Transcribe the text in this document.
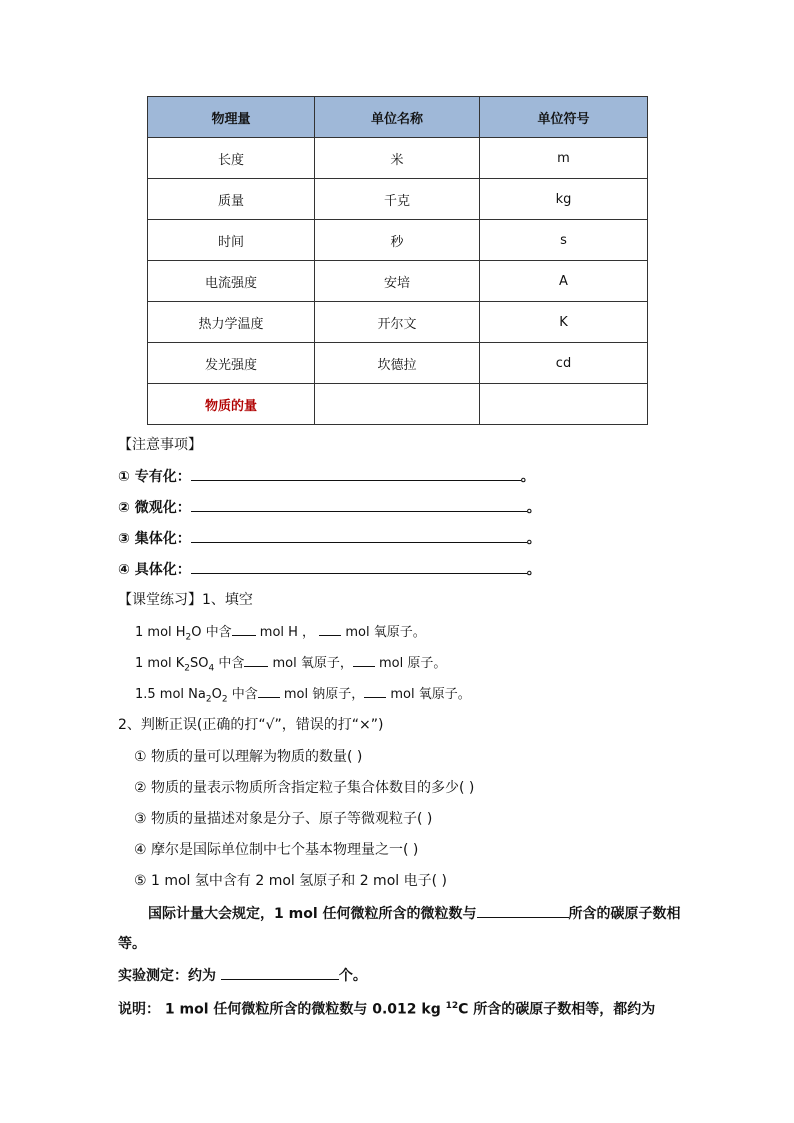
物理量	单位名称	单位符号
长度	米	m
质量	千克	kg
时间	秒	s
电流强度	安培	A
热力学温度	开尔文	K
发光强度	坎德拉	cd
物质的量		
【注意事项】
① 专有化：	。
② 微观化：	。
③ 集体化：	。
④ 具体化：	。
【课堂练习】1、填空
1 mol $H_2O$ 中含 mol H ，  mol 氧原子。
1 mol $K_2SO_4$ 中含 mol 氧原子， mol 原子。
1.5 mol $Na_2O_2$ 中含 mol 钠原子， mol 氧原子。
2、判断正误(正确的打“√”，错误的打“×”)
① 物质的量可以理解为物质的数量( )
② 物质的量表示物质所含指定粒子集合体数目的多少( )
③ 物质的量描述对象是分子、原子等微观粒子( )
④ 摩尔是国际单位制中七个基本物理量之一( )
⑤ 1 mol 氢中含有 2 mol 氢原子和 2 mol 电子( )
国际计量大会规定，1 mol 任何微粒所含的微粒数与	所含的碳原子数相
等。
实验测定：约为	个。
说明： 1 mol 任何微粒所含的微粒数与 0.012 kg $^{12}$C 所含的碳原子数相等，都约为
